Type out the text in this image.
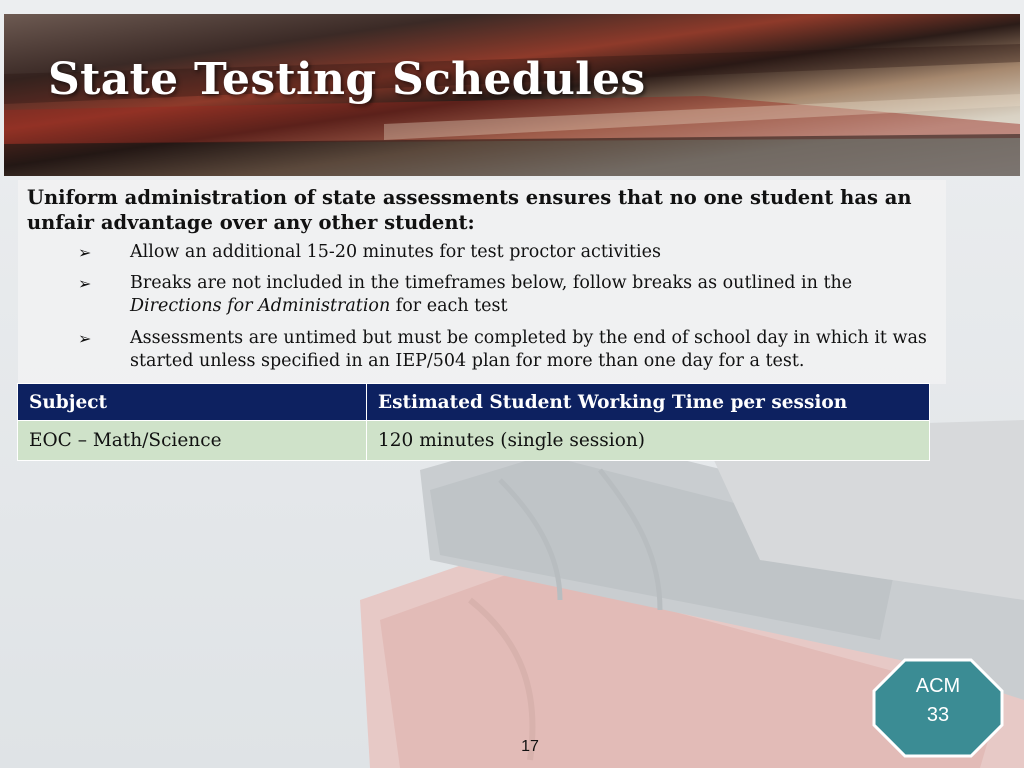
State Testing Schedules

Uniform administration of state assessments ensures that no one student has an unfair advantage over any other student:

➢	Allow an additional 15-20 minutes for test proctor activities
➢	Breaks are not included in the timeframes below, follow breaks as outlined in the Directions for Administration for each test
➢	Assessments are untimed but must be completed by the end of school day in which it was started unless specified in an IEP/504 plan for more than one day for a test.
Subject	Estimated Student Working Time per session
EOC – Math/Science	120 minutes (single session)
ACM
33
17
